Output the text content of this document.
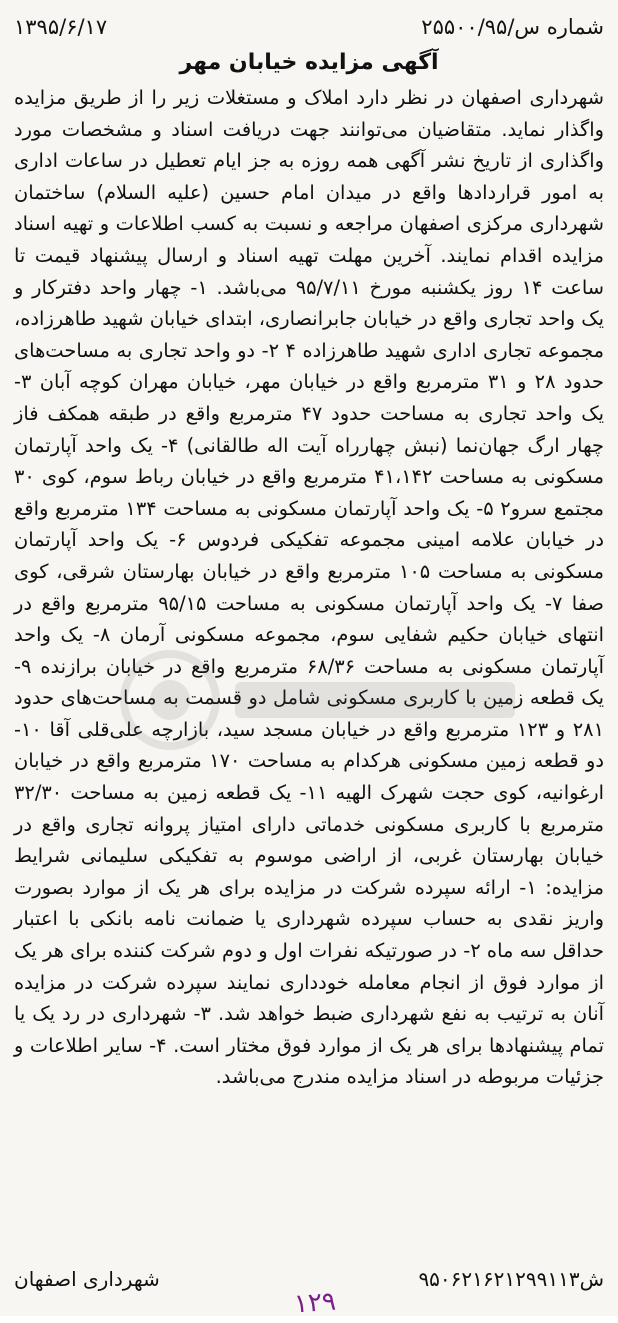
شماره س/۲۵۵۰۰/۹۵
۱۳۹۵/۶/۱۷
آگهی مزایده خیابان مهر

شهرداری اصفهان در نظر دارد املاک و مستغلات زیر را از طریق مزایده واگذار نماید. متقاضیان می‌توانند جهت دریافت اسناد و مشخصات مورد واگذاری از تاریخ نشر آگهی همه روزه به جز ایام تعطیل در ساعات اداری به امور قراردادها واقع در میدان امام حسین (علیه السلام) ساختمان شهرداری مرکزی اصفهان مراجعه و نسبت به کسب اطلاعات و تهیه اسناد مزایده اقدام نمایند. آخرین مهلت تهیه اسناد و ارسال پیشنهاد قیمت تا ساعت ۱۴ روز یکشنبه مورخ ۹۵/۷/۱۱ می‌باشد. ۱- چهار واحد دفترکار و یک واحد تجاری واقع در خیابان جابرانصاری، ابتدای خیابان شهید طاهرزاده، مجموعه تجاری اداری شهید طاهرزاده ۴ ۲- دو واحد تجاری به مساحت‌های حدود ۲۸ و ۳۱ مترمربع واقع در خیابان مهر، خیابان مهران کوچه آبان ۳- یک واحد تجاری به مساحت حدود ۴۷ مترمربع واقع در طبقه همکف فاز چهار ارگ جهان‌نما (نبش چهارراه آیت اله طالقانی) ۴- یک واحد آپارتمان مسکونی به مساحت ۴۱،۱۴۲ مترمربع واقع در خیابان رباط سوم، کوی ۳۰ مجتمع سرو۲ ۵- یک واحد آپارتمان مسکونی به مساحت ۱۳۴ مترمربع واقع در خیابان علامه امینی مجموعه تفکیکی فردوس ۶- یک واحد آپارتمان مسکونی به مساحت ۱۰۵ مترمربع واقع در خیابان بهارستان شرقی، کوی صفا ۷- یک واحد آپارتمان مسکونی به مساحت ۹۵/۱۵ مترمربع واقع در انتهای خیابان حکیم شفایی سوم، مجموعه مسکونی آرمان ۸- یک واحد آپارتمان مسکونی به مساحت ۶۸/۳۶ مترمربع واقع در خیابان برازنده ۹- یک قطعه زمین با کاربری مسکونی شامل دو قسمت به مساحت‌های حدود ۲۸۱ و ۱۲۳ مترمربع واقع در خیابان مسجد سید، بازارچه علی‌قلی آقا ۱۰- دو قطعه زمین مسکونی هرکدام به مساحت ۱۷۰ مترمربع واقع در خیابان ارغوانیه، کوی حجت شهرک الهیه ۱۱- یک قطعه زمین به مساحت ۳۲/۳۰ مترمربع با کاربری مسکونی خدماتی دارای امتیاز پروانه تجاری واقع در خیابان بهارستان غربی، از اراضی موسوم به تفکیکی سلیمانی شرایط مزایده: ۱- ارائه سپرده شرکت در مزایده برای هر یک از موارد بصورت واریز نقدی به حساب سپرده شهرداری یا ضمانت نامه بانکی با اعتبار حداقل سه ماه ۲- در صورتیکه نفرات اول و دوم شرکت کننده برای هر یک از موارد فوق از انجام معامله خودداری نمایند سپرده شرکت در مزایده آنان به ترتیب به نفع شهرداری ضبط خواهد شد. ۳- شهرداری در رد یک یا تمام پیشنهادها برای هر یک از موارد فوق مختار است. ۴- سایر اطلاعات و جزئیات مربوطه در اسناد مزایده مندرج می‌باشد.

ش۹۵۰۶۲۱۶۲۱۲۹۹۱۱۳
شهرداری اصفهان
۱۲۹
